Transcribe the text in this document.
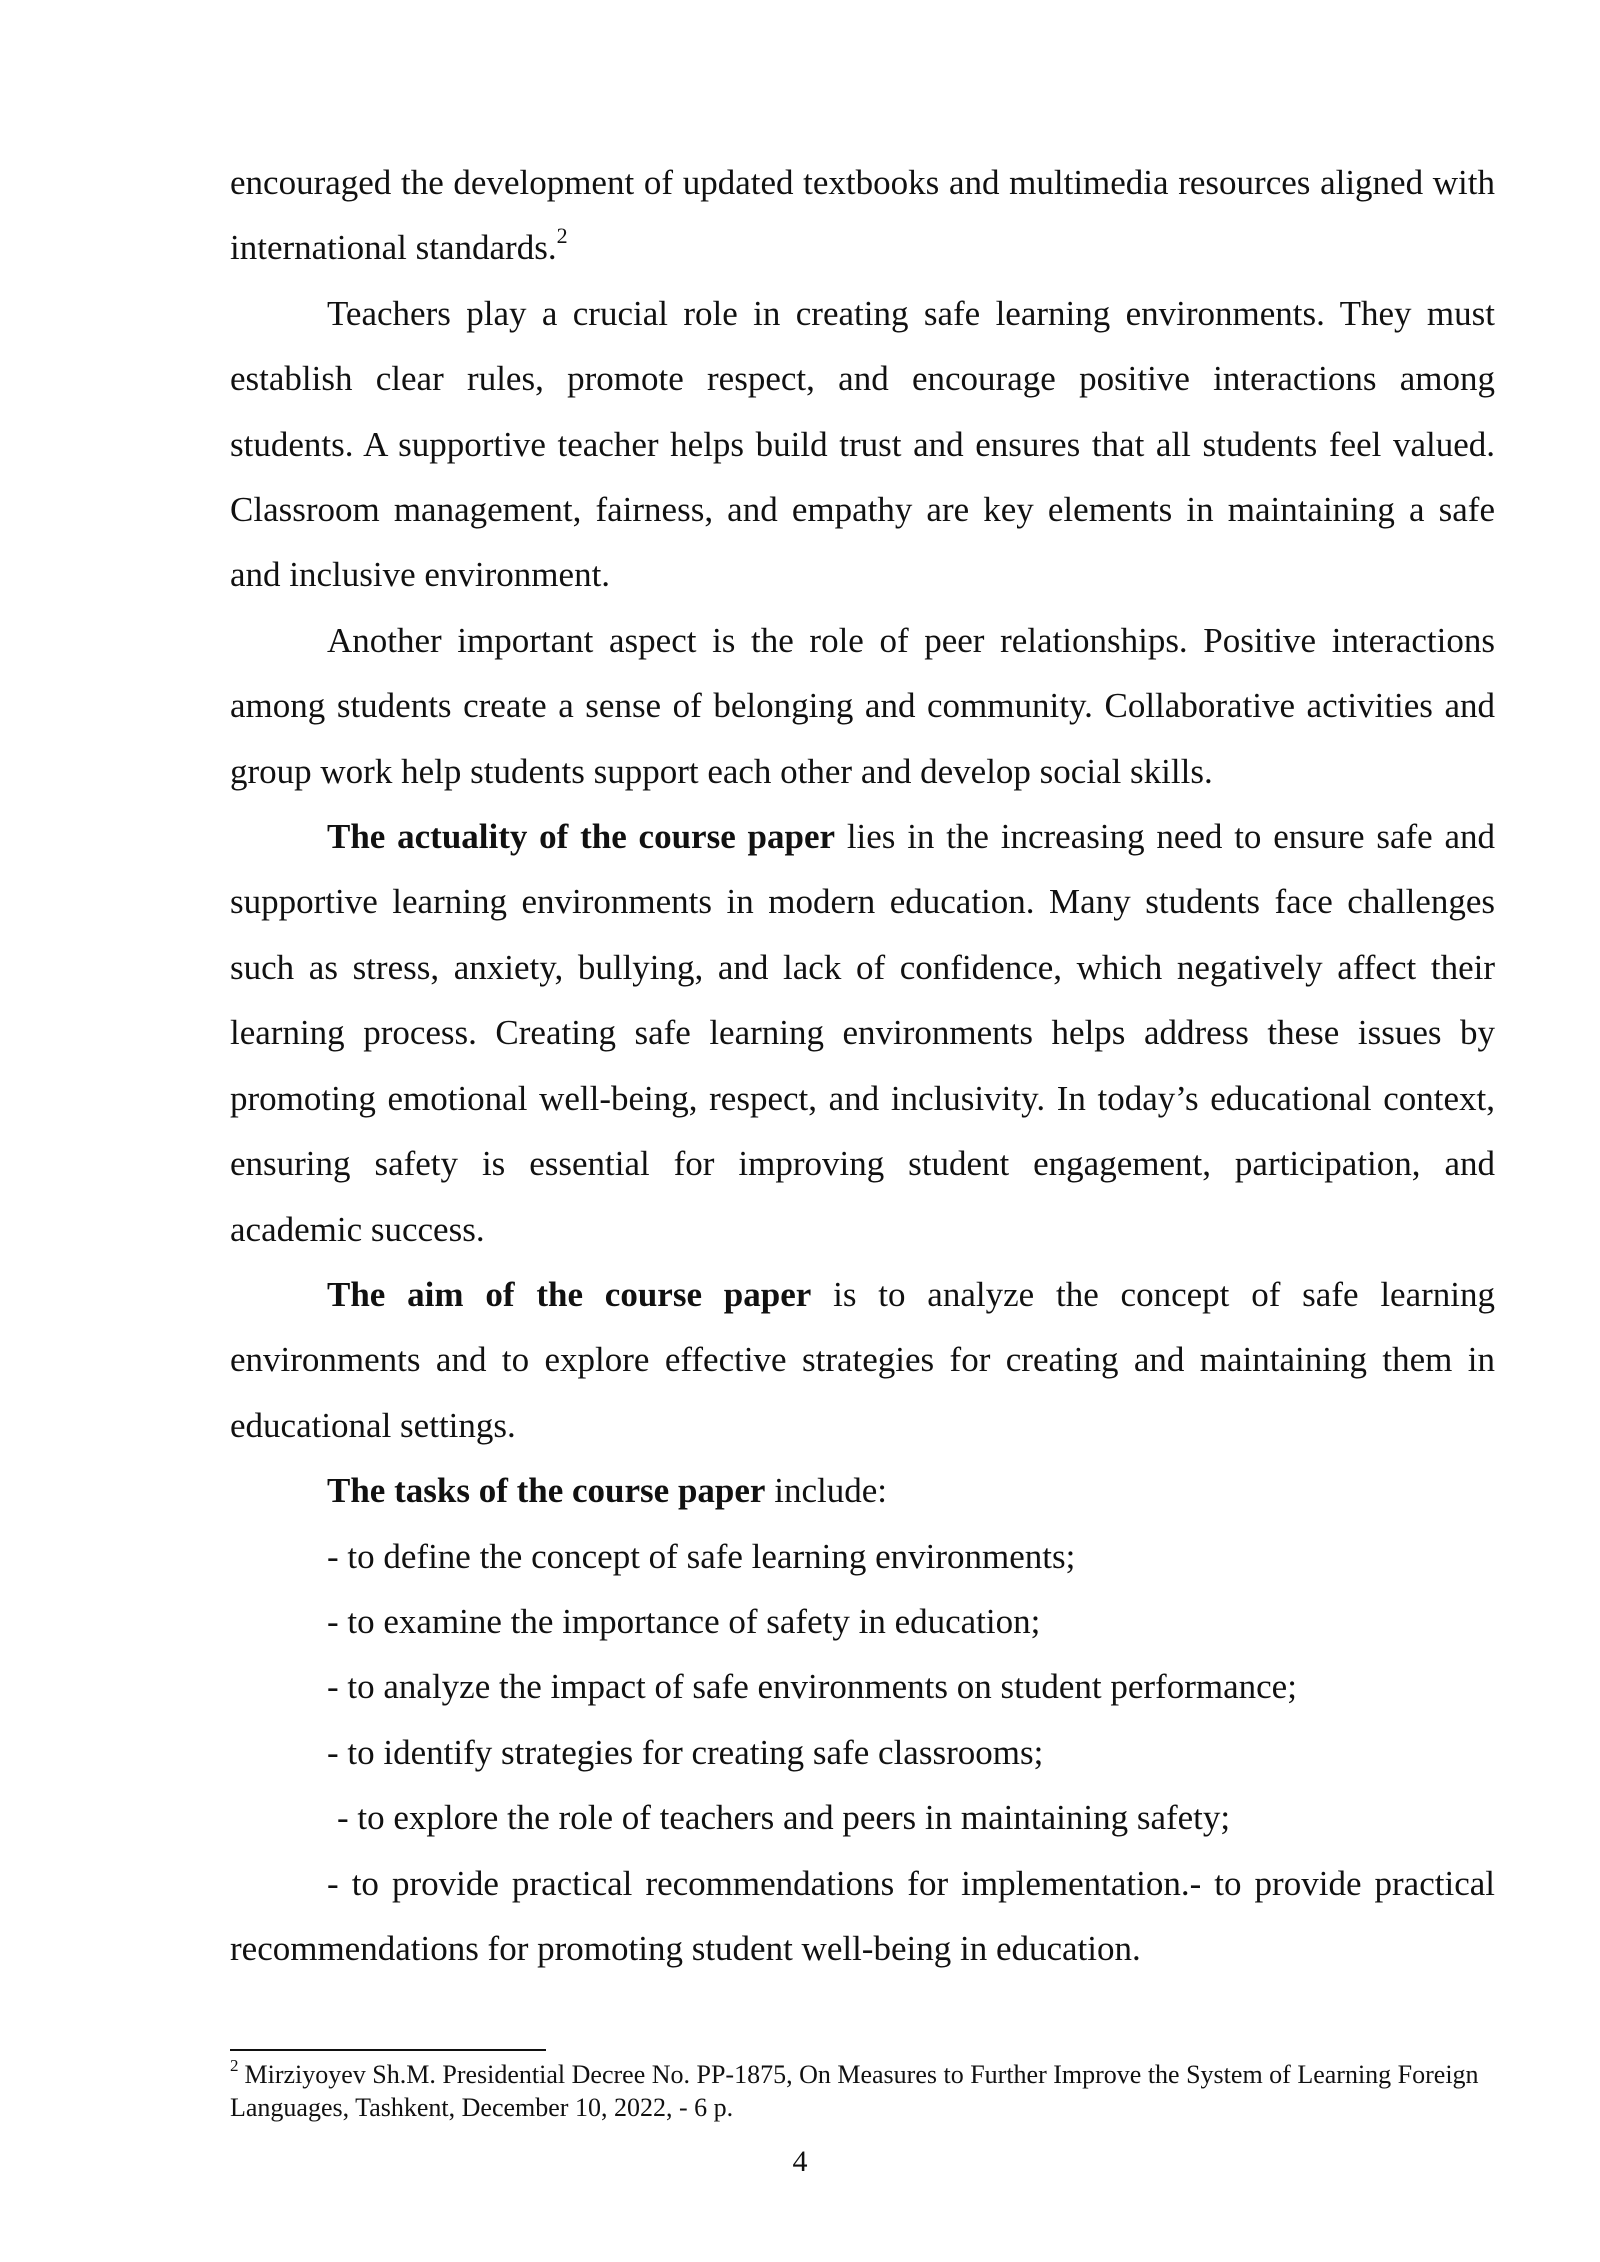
encouraged the development of updated textbooks and multimedia resources aligned with international standards.$^2$

Teachers play a crucial role in creating safe learning environments. They must establish clear rules, promote respect, and encourage positive interactions among students. A supportive teacher helps build trust and ensures that all students feel valued. Classroom management, fairness, and empathy are key elements in maintaining a safe and inclusive environment.

Another important aspect is the role of peer relationships. Positive interactions among students create a sense of belonging and community. Collaborative activities and group work help students support each other and develop social skills.

The actuality of the course paper lies in the increasing need to ensure safe and supportive learning environments in modern education. Many students face challenges such as stress, anxiety, bullying, and lack of confidence, which negatively affect their learning process. Creating safe learning environments helps address these issues by promoting emotional well-being, respect, and inclusivity. In today’s educational context, ensuring safety is essential for improving student engagement, participation, and academic success.

The aim of the course paper is to analyze the concept of safe learning environments and to explore effective strategies for creating and maintaining them in educational settings.

The tasks of the course paper include:

- to define the concept of safe learning environments;

- to examine the importance of safety in education;

- to analyze the impact of safe environments on student performance;

- to identify strategies for creating safe classrooms;

- to explore the role of teachers and peers in maintaining safety;

- to provide practical recommendations for implementation.- to provide practical recommendations for promoting student well-being in education.

$^2$ Mirziyoyev Sh.M. Presidential Decree No. PP-1875, On Measures to Further Improve the System of Learning Foreign Languages, Tashkent, December 10, 2022, - 6 p.
4
